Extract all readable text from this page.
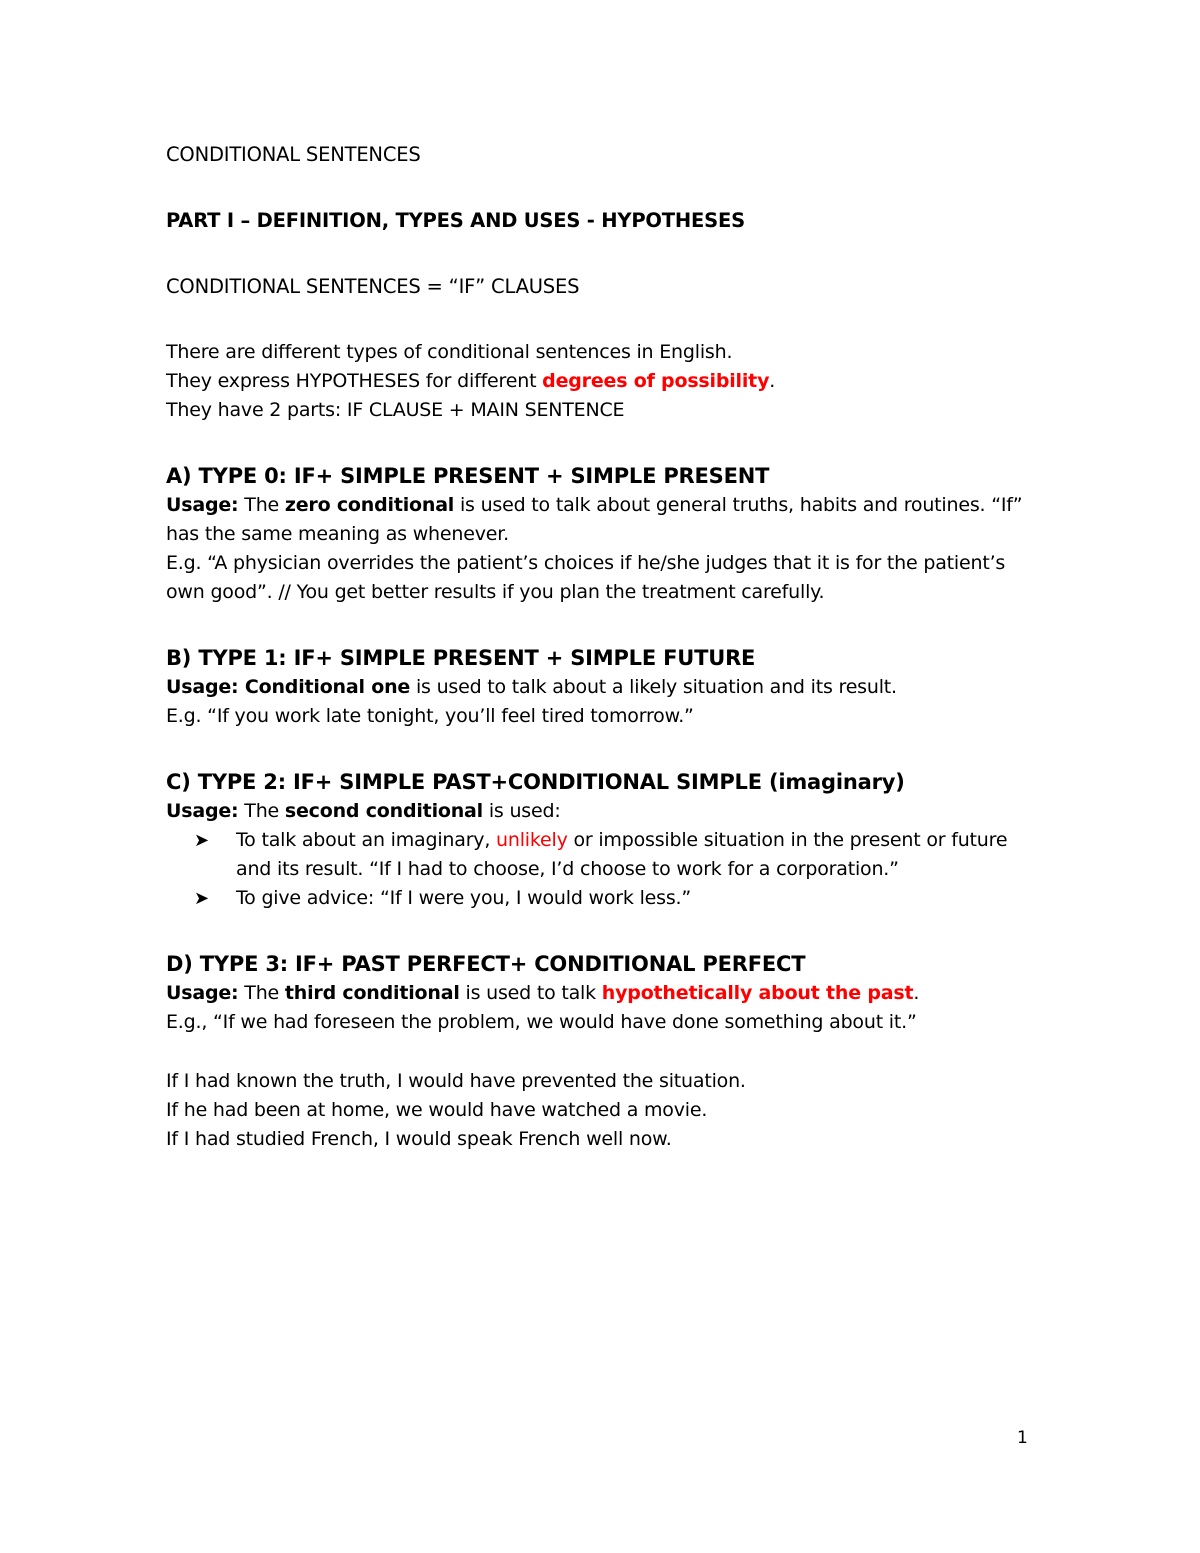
CONDITIONAL SENTENCES
PART I – DEFINITION, TYPES AND USES - HYPOTHESES
CONDITIONAL SENTENCES = “IF” CLAUSES
There are different types of conditional sentences in English.
They express HYPOTHESES for different degrees of possibility.
They have 2 parts: IF CLAUSE + MAIN SENTENCE
A) TYPE 0: IF+ SIMPLE PRESENT + SIMPLE PRESENT
Usage: The zero conditional is used to talk about general truths, habits and routines. “If” has the same meaning as whenever.
E.g. “A physician overrides the patient’s choices if he/she judges that it is for the patient’s own good”. // You get better results if you plan the treatment carefully.
B) TYPE 1: IF+ SIMPLE PRESENT + SIMPLE FUTURE
Usage: Conditional one is used to talk about a likely situation and its result.
E.g. “If you work late tonight, you’ll feel tired tomorrow.”
C) TYPE 2: IF+ SIMPLE PAST+CONDITIONAL SIMPLE (imaginary)
Usage: The second conditional is used:
➤ To talk about an imaginary, unlikely or impossible situation in the present or future and its result. “If I had to choose, I’d choose to work for a corporation.”
➤ To give advice: “If I were you, I would work less.”
D) TYPE 3: IF+ PAST PERFECT+ CONDITIONAL PERFECT
Usage: The third conditional is used to talk hypothetically about the past.
E.g., “If we had foreseen the problem, we would have done something about it.”
If I had known the truth, I would have prevented the situation.
If he had been at home, we would have watched a movie.
If I had studied French, I would speak French well now.
1
